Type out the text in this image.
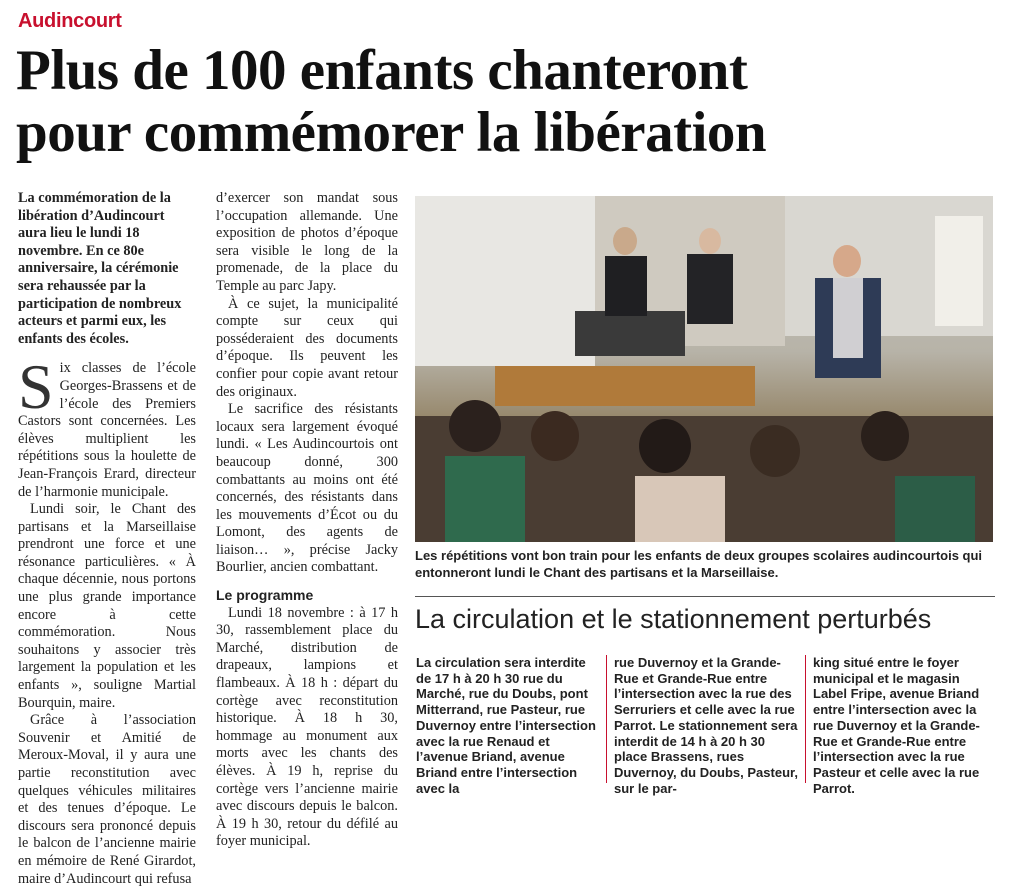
Audincourt
Plus de 100 enfants chanteront
pour commémorer la libération
La commémoration de la libération d’Audincourt aura lieu le lundi 18 novembre. En ce 80e anniversaire, la cérémonie sera rehaussée par la participation de nombreux acteurs et parmi eux, les enfants des écoles.

Six classes de l’école Georges-Brassens et de l’école des Premiers Castors sont concernées. Les élèves multiplient les répétitions sous la houlette de Jean-François Erard, directeur de l’harmonie municipale.

Lundi soir, le Chant des partisans et la Marseillaise prendront une force et une résonance particulières. « À chaque décennie, nous portons une plus grande importance encore à cette commémoration. Nous souhaitons y associer très largement la population et les enfants », souligne Martial Bourquin, maire.

Grâce à l’association Souvenir et Amitié de Meroux-Moval, il y aura une partie reconstitution avec quelques véhicules militaires et des tenues d’époque. Le discours sera prononcé depuis le balcon de l’ancienne mairie en mémoire de René Girardot, maire d’Audincourt qui refusa

d’exercer son mandat sous l’occupation allemande. Une exposition de photos d’époque sera visible le long de la promenade, de la place du Temple au parc Japy.

À ce sujet, la municipalité compte sur ceux qui posséderaient des documents d’époque. Ils peuvent les confier pour copie avant retour des originaux.

Le sacrifice des résistants locaux sera largement évoqué lundi. « Les Audincourtois ont beaucoup donné, 300 combattants au moins ont été concernés, des résistants dans les mouvements d’Écot ou du Lomont, des agents de liaison… », précise Jacky Bourlier, ancien combattant.

Le programme

Lundi 18 novembre : à 17 h 30, rassemblement place du Marché, distribution de drapeaux, lampions et flambeaux. À 18 h : départ du cortège avec reconstitution historique. À 18 h 30, hommage au monument aux morts avec les chants des élèves. À 19 h, reprise du cortège vers l’ancienne mairie avec discours depuis le balcon. À 19 h 30, retour du défilé au foyer municipal.

Les répétitions vont bon train pour les enfants de deux groupes scolaires audincourtois qui entonneront lundi le Chant des partisans et la Marseillaise.
La circulation et le stationnement perturbés

La circulation sera interdite de 17 h à 20 h 30 rue du Marché, rue du Doubs, pont Mitterrand, rue Pasteur, rue Duvernoy entre l’intersection avec la rue Renaud et l’avenue Briand, avenue Briand entre l’intersection avec la

rue Duvernoy et la Grande-Rue et Grande-Rue entre l’intersection avec la rue des Serruriers et celle avec la rue Parrot. Le stationnement sera interdit de 14 h à 20 h 30 place Brassens, rues Duvernoy, du Doubs, Pasteur, sur le par-

king situé entre le foyer municipal et le magasin Label Fripe, avenue Briand entre l’intersection avec la rue Duvernoy et la Grande-Rue et Grande-Rue entre l’intersection avec la rue Pasteur et celle avec la rue Parrot.
